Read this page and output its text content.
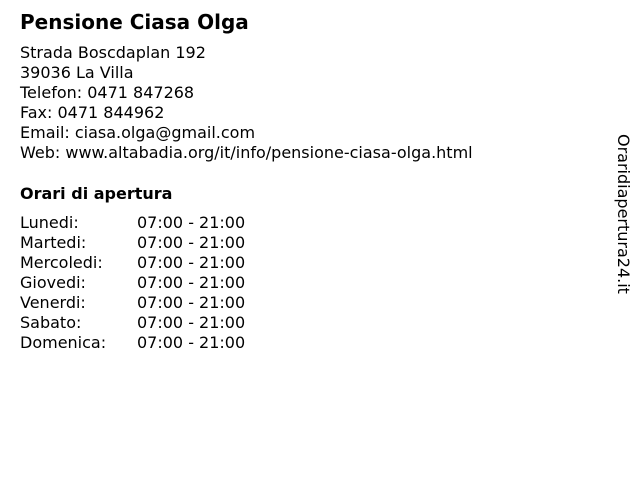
Pensione Ciasa Olga
Strada Boscdaplan 192
39036 La Villa
Telefon: 0471 847268
Fax: 0471 844962
Email: ciasa.olga@gmail.com
Web: www.altabadia.org/it/info/pensione-ciasa-olga.html
Orari di apertura
Lunedi:	07:00 - 21:00
Martedi:	07:00 - 21:00
Mercoledi:	07:00 - 21:00
Giovedi:	07:00 - 21:00
Venerdi:	07:00 - 21:00
Sabato:	07:00 - 21:00
Domenica:	07:00 - 21:00
Oraridiapertura24.it
